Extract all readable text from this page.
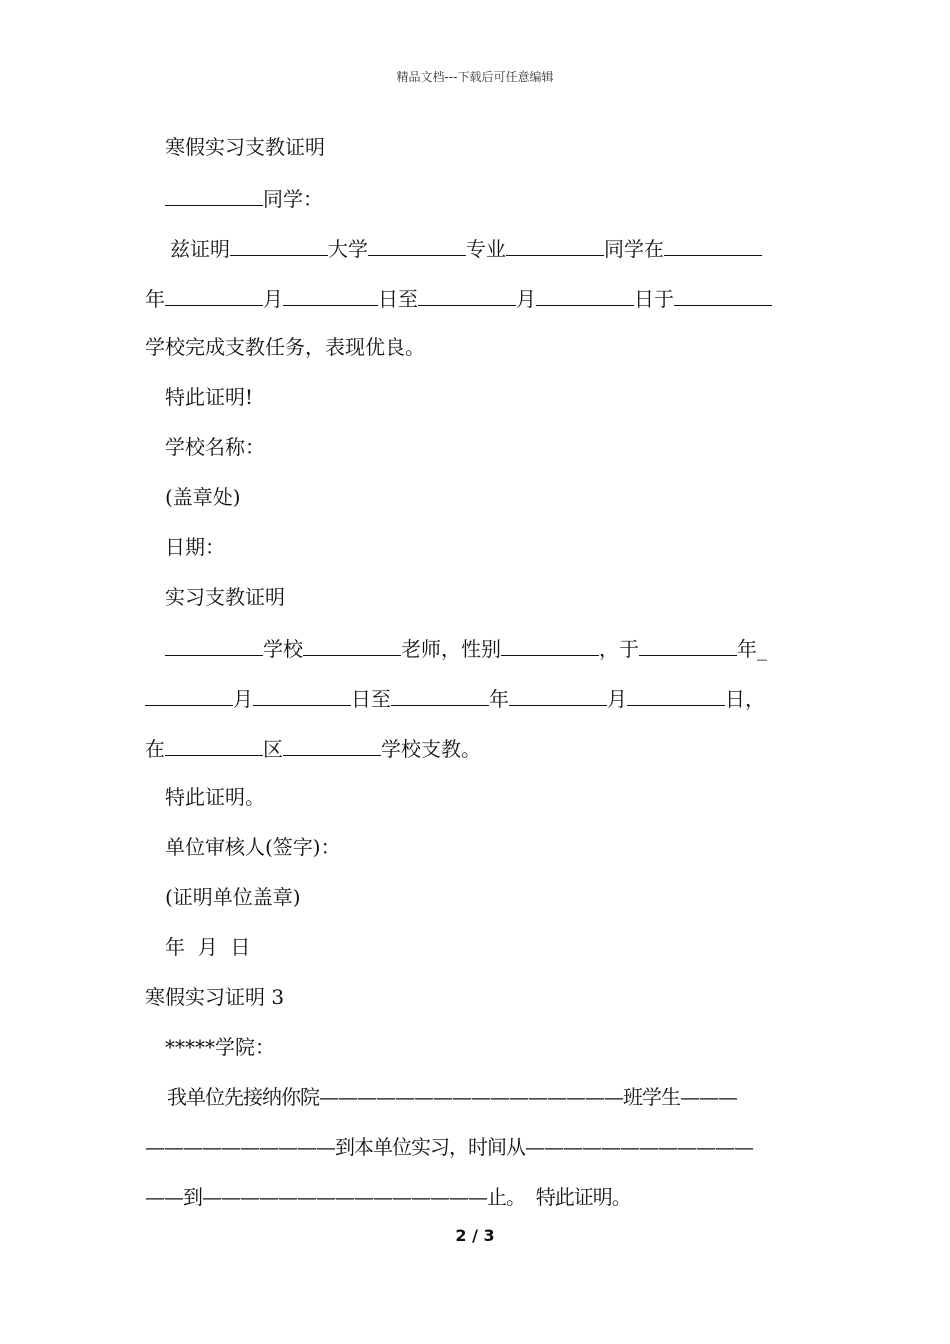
精品文档---下载后可任意编辑
寒假实习支教证明
同学：
兹证明	大学	专业	同学在
年	月	日至	月	日于
学校完成支教任务，表现优良。
特此证明!
学校名称：
(盖章处)
日期：
实习支教证明
学校	老师，性别	，于	年_
月	日至	年	月	日，
在	区	学校支教。
特此证明。
单位审核人(签字)：
(证明单位盖章)
年  月  日
寒假实习证明 3
*****学院：
我单位先接纳你院————————————————班学生———
——————————到本单位实习，时间从————————————
——到———————————————止。  特此证明。
2 / 3
